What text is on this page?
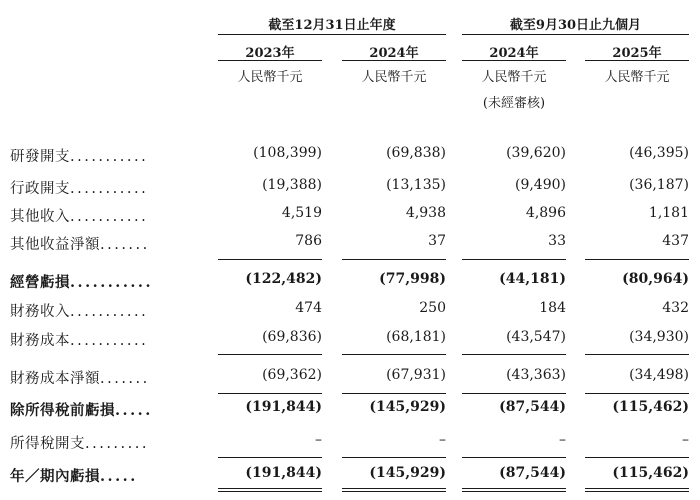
截至12月31日止年度	截至9月30日止九個月
2023年	2024年	2024年	2025年
人民幣千元	人民幣千元	人民幣千元	人民幣千元
(未經審核)
研發開支...........	(108,399)	(69,838)	(39,620)	(46,395)
行政開支...........	(19,388)	(13,135)	(9,490)	(36,187)
其他收入...........	4,519	4,938	4,896	1,181
其他收益淨額.......	786	37	33	437
經營虧損...........	(122,482)	(77,998)	(44,181)	(80,964)
財務收入...........	474	250	184	432
財務成本...........	(69,836)	(68,181)	(43,547)	(34,930)
財務成本淨額.......	(69,362)	(67,931)	(43,363)	(34,498)
除所得稅前虧損.....	(191,844)	(145,929)	(87,544)	(115,462)
所得稅開支.........	–	–	–	–
年／期內虧損.....	(191,844)	(145,929)	(87,544)	(115,462)
